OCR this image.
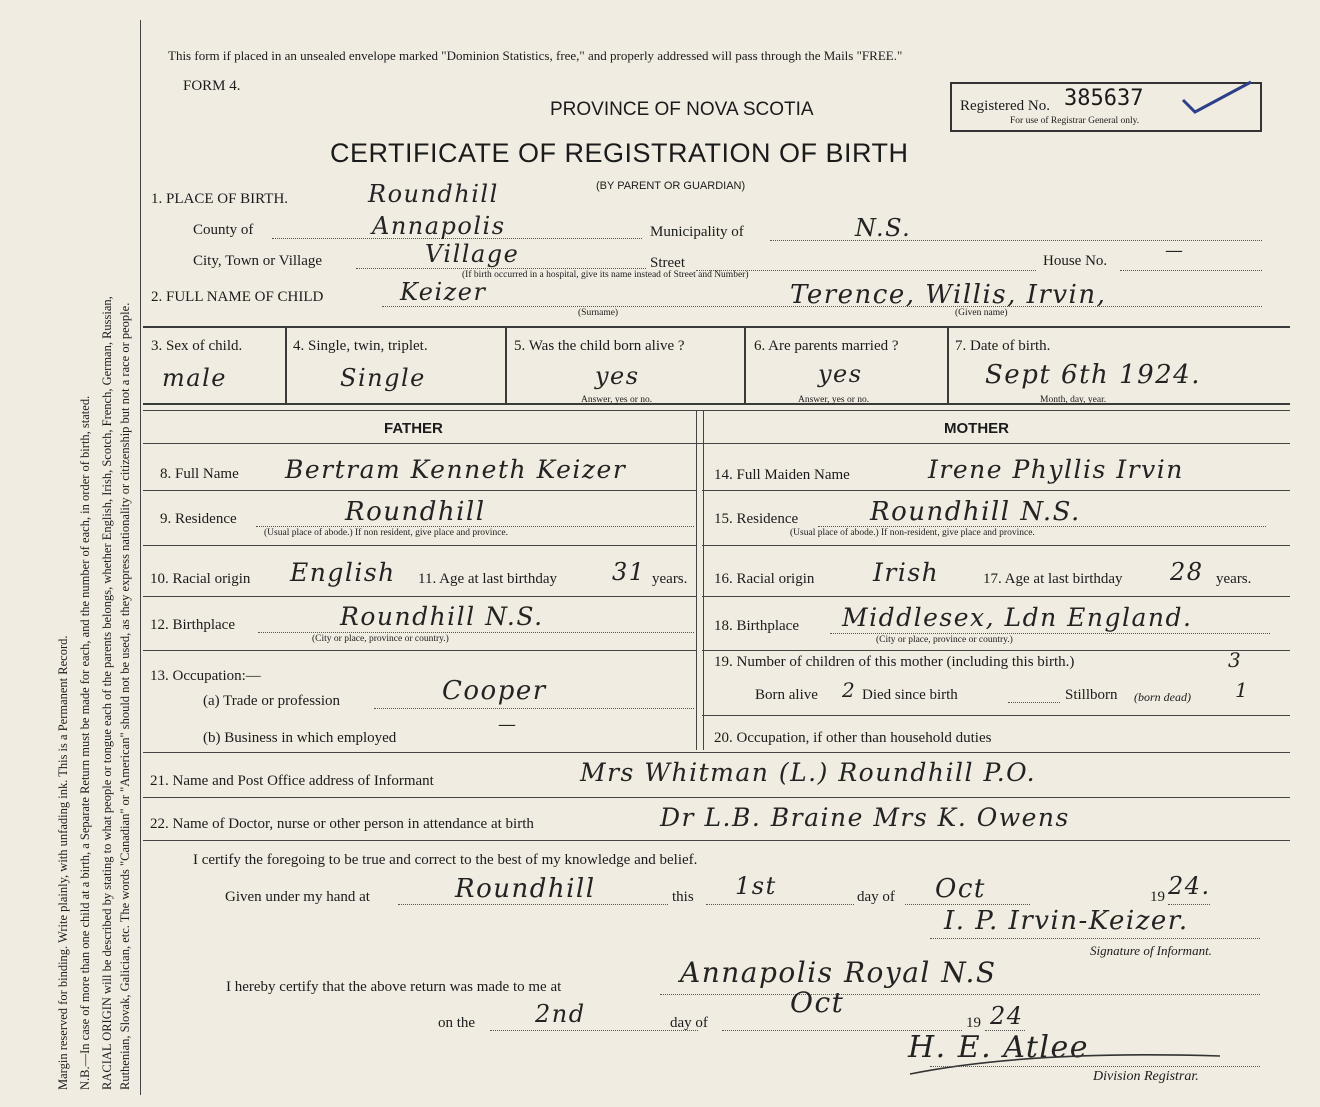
Margin reserved for binding. Write plainly, with unfading ink. This is a Permanent Record. N.B.—In case of more than one child at a birth, a Separate Return must be made for each, and the number of each, in order of birth, stated. RACIAL ORIGIN will be described by stating to what people or tongue each of the parents belongs, whether English, Irish, Scotch, French, German, Russian, Ruthenian, Slovak, Galician, etc. The words "Canadian" or "American" should not be used, as they express nationality or citizenship but not a race or people.
This form if placed in an unsealed envelope marked "Dominion Statistics, free," and properly addressed will pass through the Mails "FREE."
FORM 4.
PROVINCE OF NOVA SCOTIA	Registered No. 385637
For use of Registrar General only.
CERTIFICATE OF REGISTRATION OF BIRTH
(BY PARENT OR GUARDIAN)
1. PLACE OF BIRTH.	Roundhill
County of	Annapolis	Municipality of	N.S.
City, Town or Village	Village	Street	House No.	—
(If birth occurred in a hospital, give its name instead of Street and Number)
2. FULL NAME OF CHILD	Keizer	Terence, Willis, Irvin,
(Surname)	(Given name)
3. Sex of child.
male
4. Single, twin, triplet.
Single
5. Was the child born alive ?
yes
Answer, yes or no.
6. Are parents married ?
yes
Answer, yes or no.
7. Date of birth.
Sept 6th 1924.
Month, day, year.
FATHER	MOTHER
8. Full Name Bertram Kenneth Keizer
9. Residence	Roundhill
(Usual place of abode.) If non resident, give place and province.
10. Racial origin English 11. Age at last birthday 31 years.
12. Birthplace	Roundhill N.S.
(City or place, province or country.)
13. Occupation:—
(a) Trade or profession	Cooper
(b) Business in which employed
—
14. Full Maiden Name	Irene Phyllis Irvin
15. Residence	Roundhill N.S.
(Usual place of abode.) If non-resident, give place and province.
16. Racial origin Irish	17. Age at last birthday 28 years.
18. Birthplace Middlesex, Ldn England.
(City or place, province or country.)
19. Number of children of this mother (including this birth.)	3
Born alive 2 Died since birth	Stillborn (born dead) 1
20. Occupation, if other than household duties
21. Name and Post Office address of Informant	Mrs Whitman (L.) Roundhill P.O.
22. Name of Doctor, nurse or other person in attendance at birth	Dr L.B. Braine Mrs K. Owens
I certify the foregoing to be true and correct to the best of my knowledge and belief.
Given under my hand at	Roundhill	this 1st	day of Oct	19 24.
I. P. Irvin-Keizer.
Signature of Informant.
I hereby certify that the above return was made to me at	Annapolis Royal N.S
on the 2nd	day of
Oct
19 24
H. E. Atlee
Division Registrar.
